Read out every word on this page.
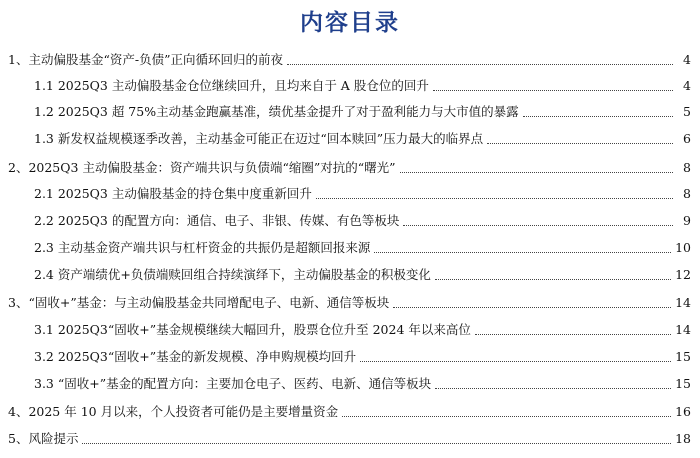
内容目录
1、主动偏股基金“资产-负债”正向循环回归的前夜	4
1.1 2025Q3 主动偏股基金仓位继续回升，且均来自于 A 股仓位的回升	4
1.2 2025Q3 超 75%主动基金跑赢基准，绩优基金提升了对于盈利能力与大市值的暴露	5
1.3 新发权益规模逐季改善，主动基金可能正在迈过“回本赎回”压力最大的临界点	6
2、2025Q3 主动偏股基金：资产端共识与负债端“缩圈”对抗的“曙光”	8
2.1 2025Q3 主动偏股基金的持仓集中度重新回升	8
2.2 2025Q3 的配置方向：通信、电子、非银、传媒、有色等板块	9
2.3 主动基金资产端共识与杠杆资金的共振仍是超额回报来源	10
2.4 资产端绩优+负债端赎回组合持续演绎下，主动偏股基金的积极变化	12
3、“固收+”基金：与主动偏股基金共同增配电子、电新、通信等板块	14
3.1 2025Q3“固收+”基金规模继续大幅回升，股票仓位升至 2024 年以来高位	14
3.2 2025Q3“固收+”基金的新发规模、净申购规模均回升	15
3.3 “固收+”基金的配置方向：主要加仓电子、医药、电新、通信等板块	15
4、2025 年 10 月以来，个人投资者可能仍是主要增量资金	16
5、风险提示	18
